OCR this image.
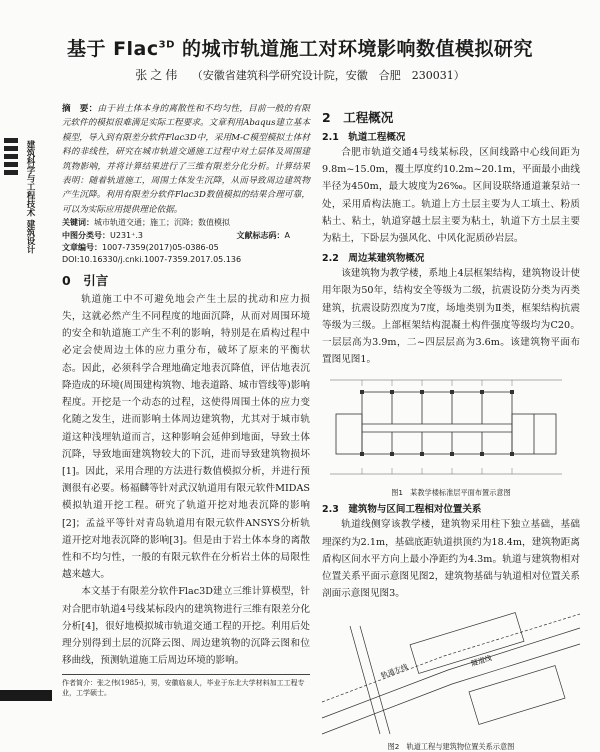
基于 Flac$^{3D}$ 的城市轨道施工对环境影响数值模拟研究
张之伟 （安徽省建筑科学研究设计院，安徽　合肥　230031）
建筑科学与工程技术 建筑设计
摘　要：由于岩土体本身的离散性和不均匀性，目前一般的有限元软件的模拟很难满足实际工程要求。文章利用Abaqus建立基本模型，导入到有限差分软件Flac3D中，采用M-C模型模拟土体材料的非线性，研究在城市轨道交通施工过程中对土层体及周围建筑物影响，并将计算结果进行了三维有限差分化分析。计算结果表明：随着轨道施工，周围土体发生沉降，从而导致周边建筑物产生沉降。利用有限差分软件Flac3D数值模拟的结果合理可靠，可以为实际应用提供理论依据。
关键词：城市轨道交通；施工；沉降；数值模拟
中图分类号：U231⁺.3	文献标志码：A
文章编号：1007-7359(2017)05-0386-05
DOI:10.16330/j.cnki.1007-7359.2017.05.136
0　引言

轨道施工中不可避免地会产生土层的扰动和应力损失，这就必然产生不同程度的地面沉降，从而对周围环境的安全和轨道施工产生不利的影响，特别是在盾构过程中必定会使周边土体的应力重分布，破坏了原来的平衡状态。因此，必须科学合理地确定地表沉降值，评估地表沉降造成的环境(周围建构筑物、地表道路、城市管线等)影响程度。开挖是一个动态的过程，这使得周围土体的应力变化随之发生，进而影响土体周边建筑物，尤其对于城市轨道这种浅埋轨道而言，这种影响会延伸到地面，导致土体沉降，导致地面建筑物较大的下沉，进而导致建筑物损坏[1]。因此，采用合理的方法进行数值模拟分析，并进行预测很有必要。杨福麟等针对武汉轨道用有限元软件MIDAS模拟轨道开挖工程。研究了轨道开挖对地表沉降的影响[2]；孟益平等针对青岛轨道用有限元软件ANSYS分析轨道开挖对地表沉降的影响[3]。但是由于岩土体本身的离散性和不均匀性，一般的有限元软件在分析岩土体的局限性越来越大。

本文基于有限差分软件Flac3D建立三维计算模型，针对合肥市轨道4号线某标段内的建筑物进行三维有限差分化分析[4]，很好地模拟城市轨道交通工程的开挖。利用后处理分别得到土层的沉降云图、周边建筑物的沉降云图和位移曲线，预测轨道施工后周边环境的影响。

2　工程概况
2.1　轨道工程概况

合肥市轨道交通4号线某标段，区间线路中心线间距为9.8m~15.0m，覆土厚度约10.2m~20.1m，平面最小曲线半径为450m，最大坡度为26‰。区间设联络通道兼泵站一处，采用盾构法施工。轨道上方土层主要为人工填土、粉质粘土、粘土，轨道穿越土层主要为粘土，轨道下方土层主要为粘土，下卧层为强风化、中风化泥质砂岩层。

2.2　周边某建筑物概况

该建筑物为教学楼，系地上4层框架结构，建筑物设计使用年限为50年，结构安全等级为二级，抗震设防分类为丙类建筑，抗震设防烈度为7度，场地类别为Ⅱ类，框架结构抗震等级为三级。上部框架结构混凝土构件强度等级均为C20。一层层高为3.9m，二~四层层高为3.6m。该建筑物平面布置图见图1。

图1　某教学楼标准层平面布置示意图
2.3　建筑物与区间工程相对位置关系

轨道线侧穿该教学楼，建筑物采用柱下独立基础，基础埋深约为2.1m，基础底距轨道拱顶约为18.4m，建筑物距离盾构区间水平方向上最小净距约为4.3m。轨道与建筑物相对位置关系平面示意图见图2，建筑物基础与轨道相对位置关系剖面示意图见图3。

轨道左线
隧道线
图2　轨道工程与建筑物位置关系示意图
作者简介：张之伟(1985-)，男，安徽临泉人，毕业于东北大学材料加工工程专业，工学硕士。
